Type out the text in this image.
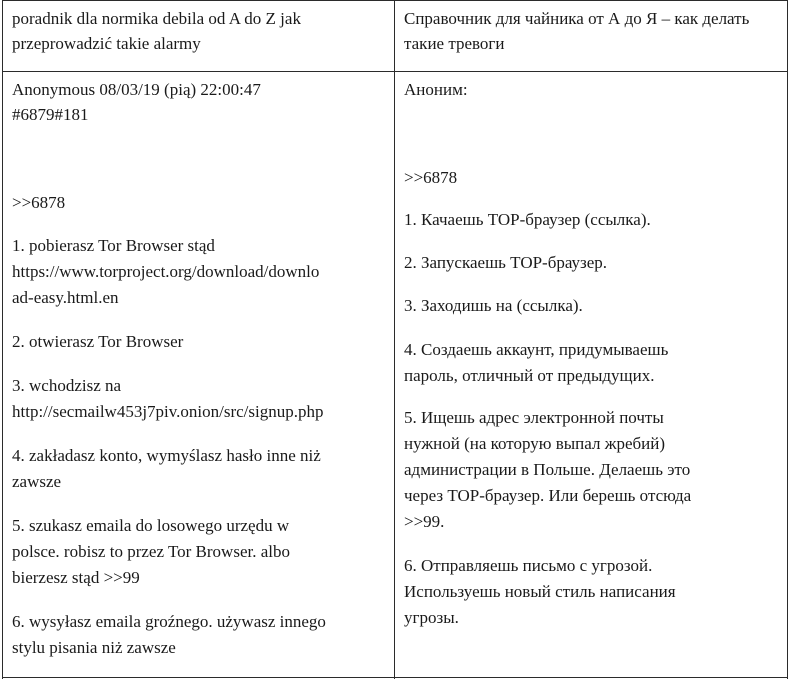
poradnik dla normika debila od A do Z jak przeprowadzić takie alarmy
Справочник для чайника от А до Я – как делать такие тревоги
Anonymous 08/03/19 (pią) 22:00:47
#6879#181
>>6878
1. pobierasz Tor Browser stąd
https://www.torproject.org/download/downlo
ad-easy.html.en
2. otwierasz Tor Browser
3. wchodzisz na
http://secmailw453j7piv.onion/src/signup.php
4. zakładasz konto, wymyślasz hasło inne niż
zawsze
5. szukasz emaila do losowego urzędu w
polsce. robisz to przez Tor Browser. albo
bierzesz stąd >>99
6. wysyłasz emaila groźnego. używasz innego
stylu pisania niż zawsze
Аноним:
>>6878
1. Качаешь ТОР-браузер (ссылка).
2. Запускаешь ТОР-браузер.
3. Заходишь на (ссылка).
4. Создаешь аккаунт, придумываешь
пароль, отличный от предыдущих.
5. Ищешь адрес электронной почты
нужной (на которую выпал жребий)
администрации в Польше. Делаешь это
через ТОР-браузер. Или берешь отсюда
>>99.
6. Отправляешь письмо с угрозой.
Используешь новый стиль написания
угрозы.
